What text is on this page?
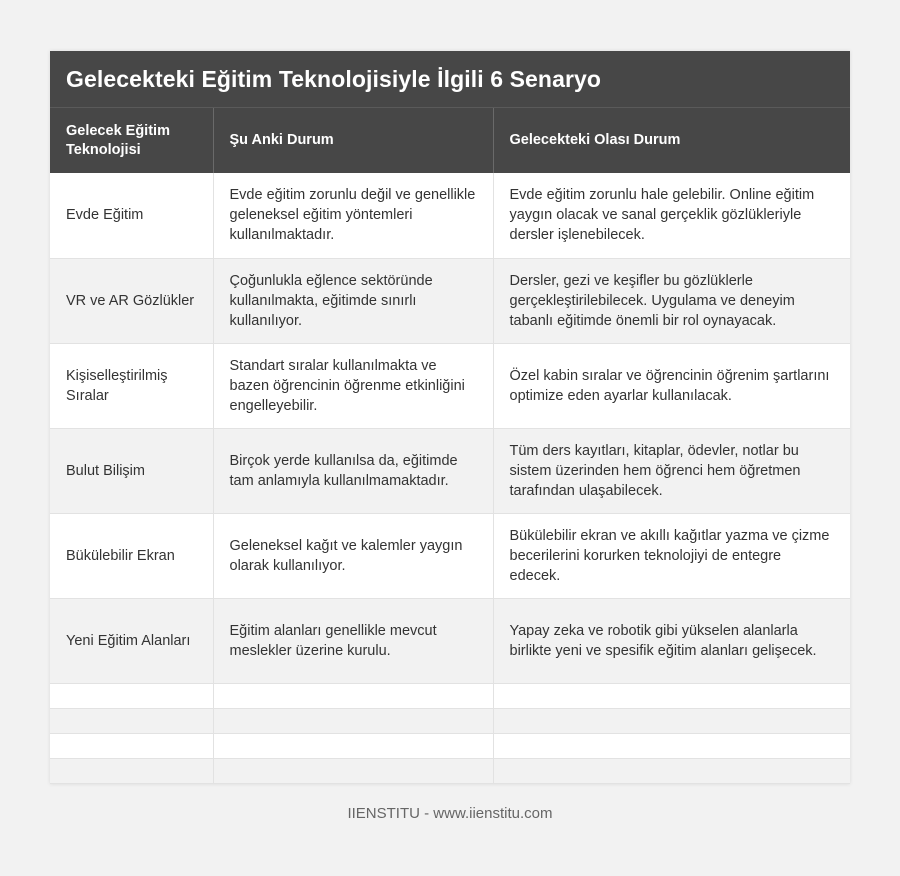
Gelecekteki Eğitim Teknolojisiyle İlgili 6 Senaryo
Gelecek Eğitim Teknolojisi	Şu Anki Durum	Gelecekteki Olası Durum
Evde Eğitim	Evde eğitim zorunlu değil ve genellikle geleneksel eğitim yöntemleri kullanılmaktadır.	Evde eğitim zorunlu hale gelebilir. Online eğitim yaygın olacak ve sanal gerçeklik gözlükleriyle dersler işlenebilecek.
VR ve AR Gözlükler	Çoğunlukla eğlence sektöründe kullanılmakta, eğitimde sınırlı kullanılıyor.	Dersler, gezi ve keşifler bu gözlüklerle gerçekleştirilebilecek. Uygulama ve deneyim tabanlı eğitimde önemli bir rol oynayacak.
Kişiselleştirilmiş Sıralar	Standart sıralar kullanılmakta ve bazen öğrencinin öğrenme etkinliğini engelleyebilir.	Özel kabin sıralar ve öğrencinin öğrenim şartlarını optimize eden ayarlar kullanılacak.
Bulut Bilişim	Birçok yerde kullanılsa da, eğitimde tam anlamıyla kullanılmamaktadır.	Tüm ders kayıtları, kitaplar, ödevler, notlar bu sistem üzerinden hem öğrenci hem öğretmen tarafından ulaşabilecek.
Bükülebilir Ekran	Geleneksel kağıt ve kalemler yaygın olarak kullanılıyor.	Bükülebilir ekran ve akıllı kağıtlar yazma ve çizme becerilerini korurken teknolojiyi de entegre edecek.
Yeni Eğitim Alanları	Eğitim alanları genellikle mevcut meslekler üzerine kurulu.	Yapay zeka ve robotik gibi yükselen alanlarla birlikte yeni ve spesifik eğitim alanları gelişecek.

IIENSTITU - www.iienstitu.com
